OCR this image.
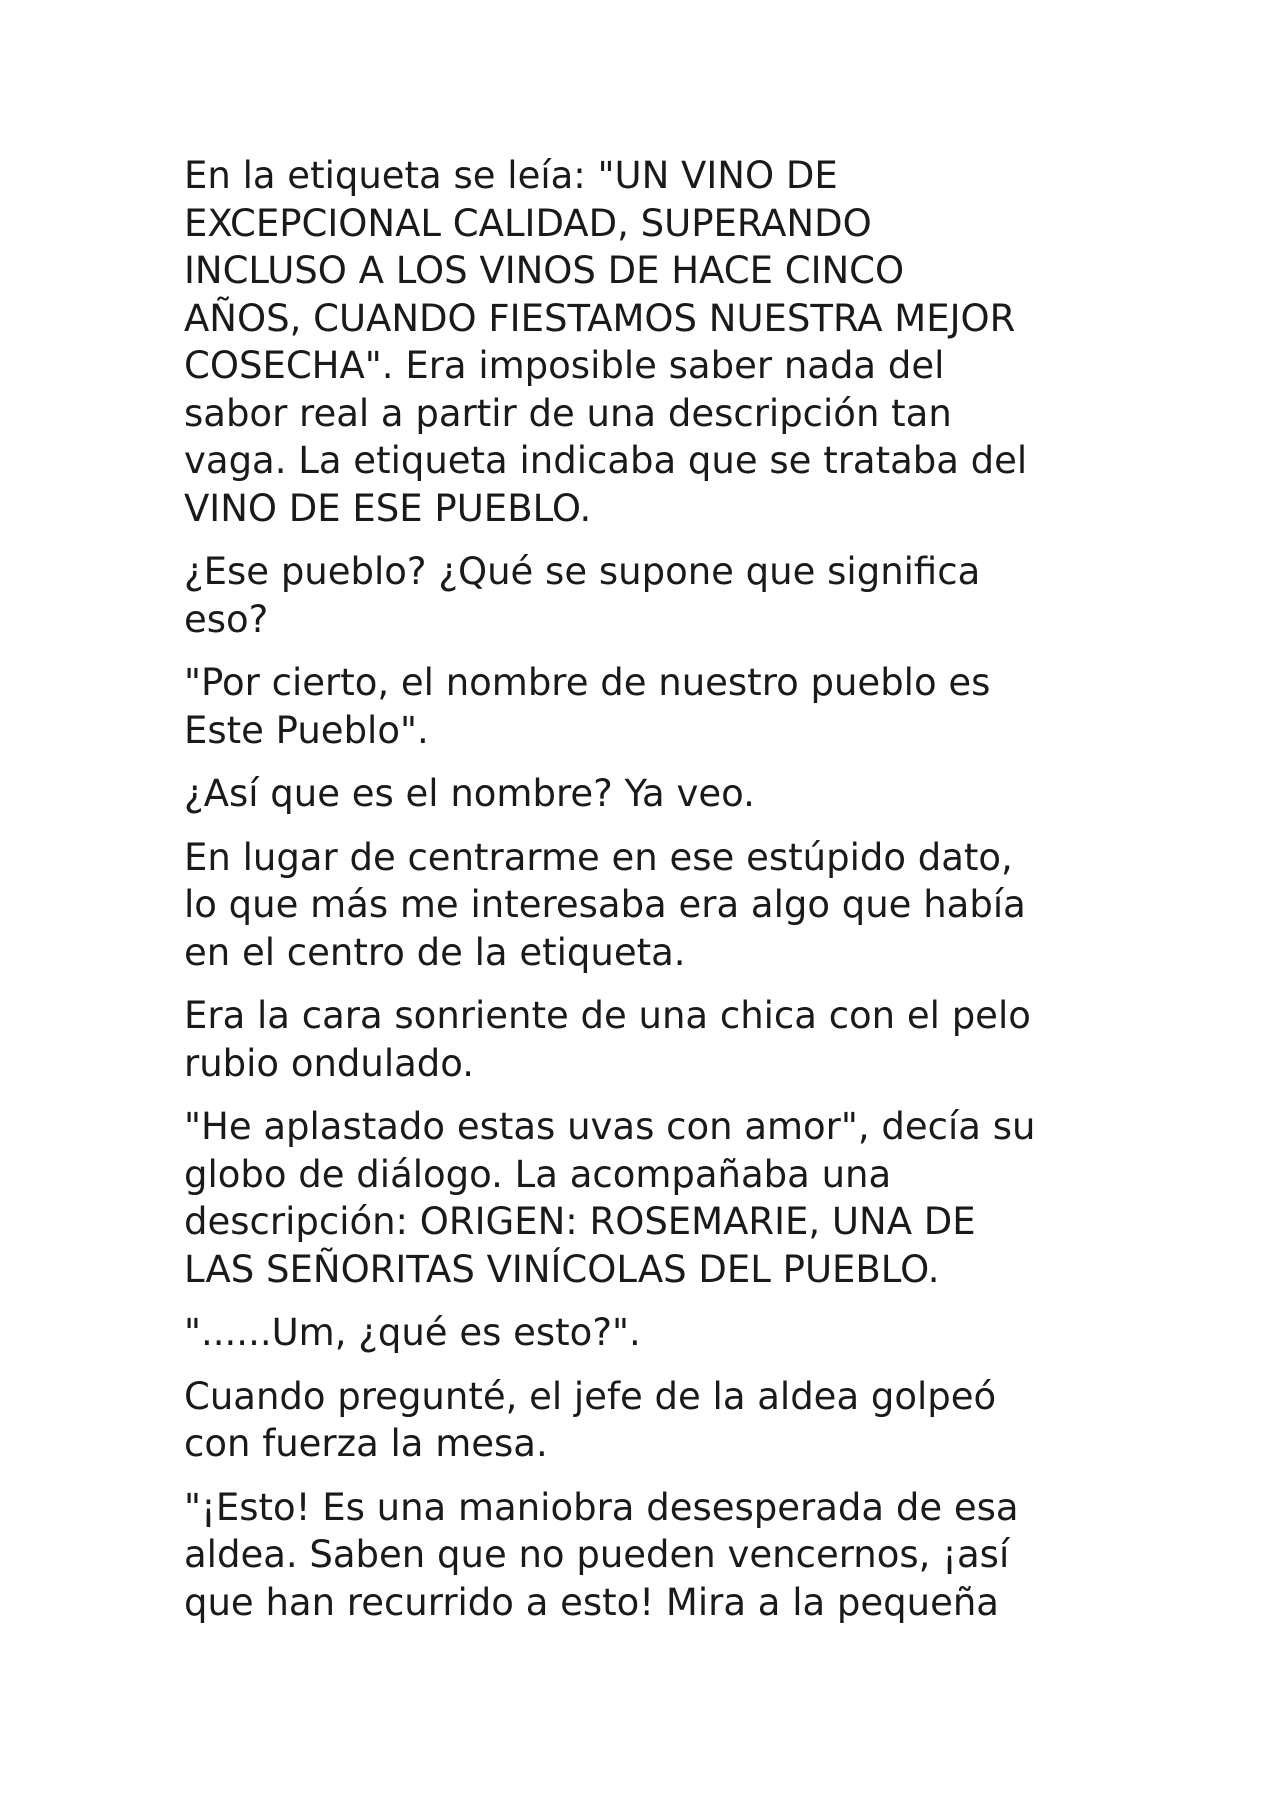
En la etiqueta se leía: "UN VINO DE
EXCEPCIONAL CALIDAD, SUPERANDO
INCLUSO A LOS VINOS DE HACE CINCO
AÑOS, CUANDO FIESTAMOS NUESTRA MEJOR
COSECHA". Era imposible saber nada del
sabor real a partir de una descripción tan
vaga. La etiqueta indicaba que se trataba del
VINO DE ESE PUEBLO.

¿Ese pueblo? ¿Qué se supone que significa
eso?

"Por cierto, el nombre de nuestro pueblo es
Este Pueblo".

¿Así que es el nombre? Ya veo.

En lugar de centrarme en ese estúpido dato,
lo que más me interesaba era algo que había
en el centro de la etiqueta.

Era la cara sonriente de una chica con el pelo
rubio ondulado.

"He aplastado estas uvas con amor", decía su
globo de diálogo. La acompañaba una
descripción: ORIGEN: ROSEMARIE, UNA DE
LAS SEÑORITAS VINÍCOLAS DEL PUEBLO.

"......Um, ¿qué es esto?".

Cuando pregunté, el jefe de la aldea golpeó
con fuerza la mesa.

"¡Esto! Es una maniobra desesperada de esa
aldea. Saben que no pueden vencernos, ¡así
que han recurrido a esto! Mira a la pequeña
